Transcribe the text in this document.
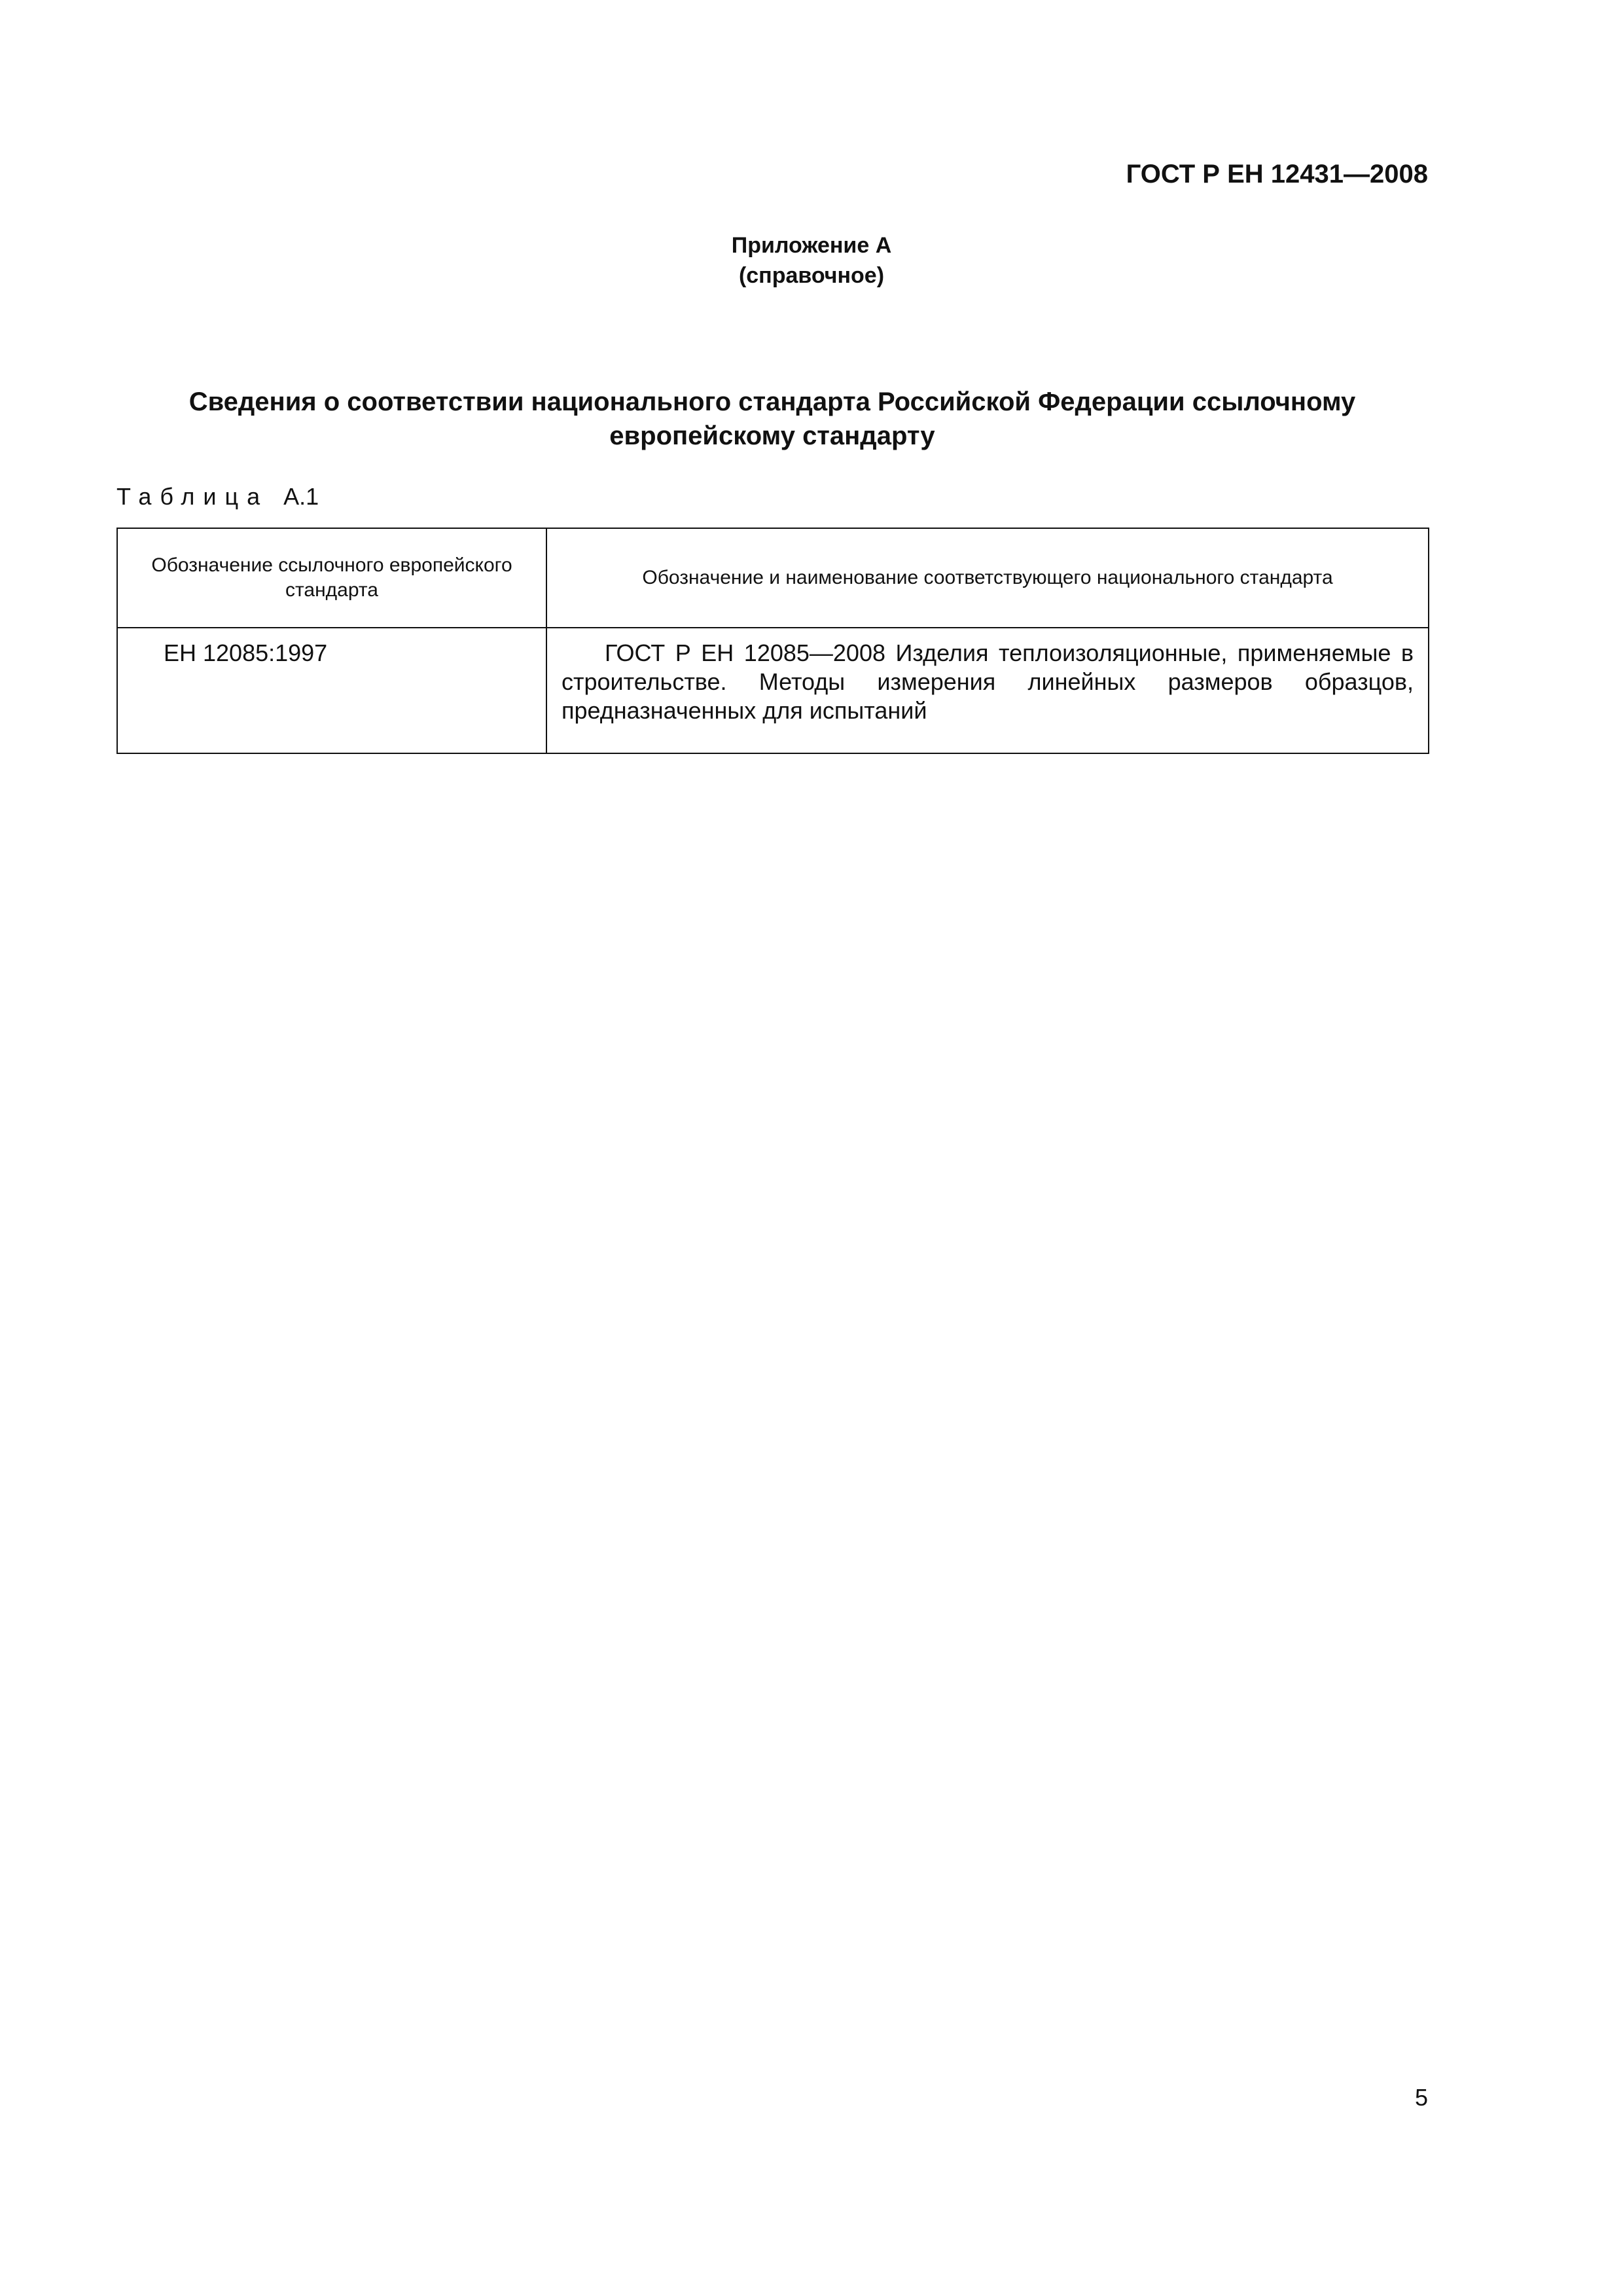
ГОСТ Р ЕН 12431—2008
Приложение А
(справочное)
Сведения о соответствии национального стандарта Российской Федерации ссылочному
европейскому стандарту
Таблица А.1
Обозначение ссылочного европейского стандарта	Обозначение и наименование соответствующего национального стандарта
ЕН 12085:1997	ГОСТ Р ЕН 12085—2008 Изделия теплоизоляционные, применяемые в строительстве. Методы измерения линейных размеров образцов, предназначенных для испытаний
5
